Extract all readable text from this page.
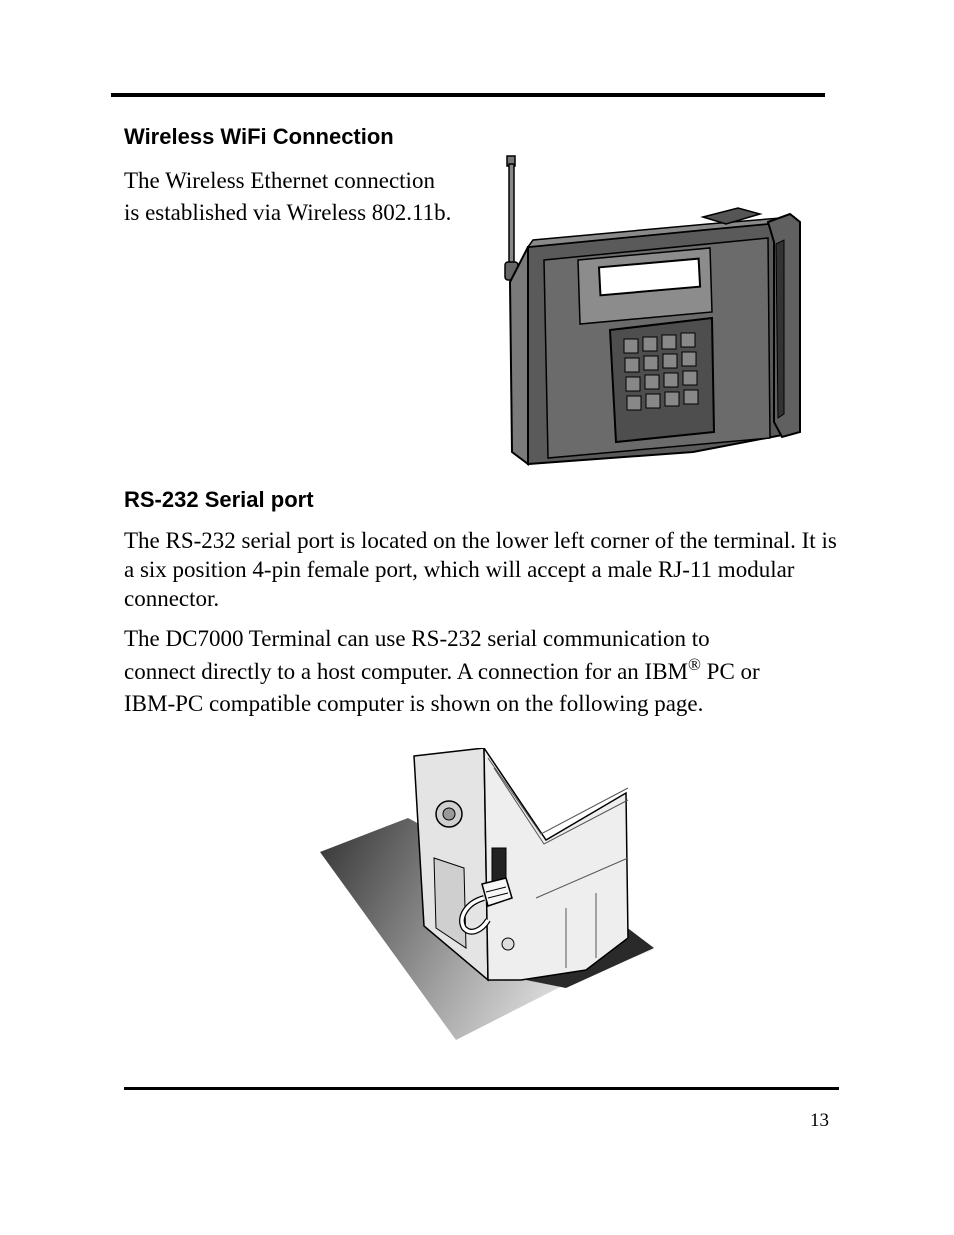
Wireless WiFi Connection

The Wireless Ethernet connection

is established via Wireless 802.11b.

RS-232 Serial port

The RS-232 serial port is located on the lower left corner of the terminal. It is a six position 4-pin female port, which will accept a male RJ-11 modular connector.

The DC7000 Terminal can use RS-232 serial communication to

connect directly to a host computer. A connection for an IBM® PC or

IBM-PC compatible computer is shown on the following page.

13
